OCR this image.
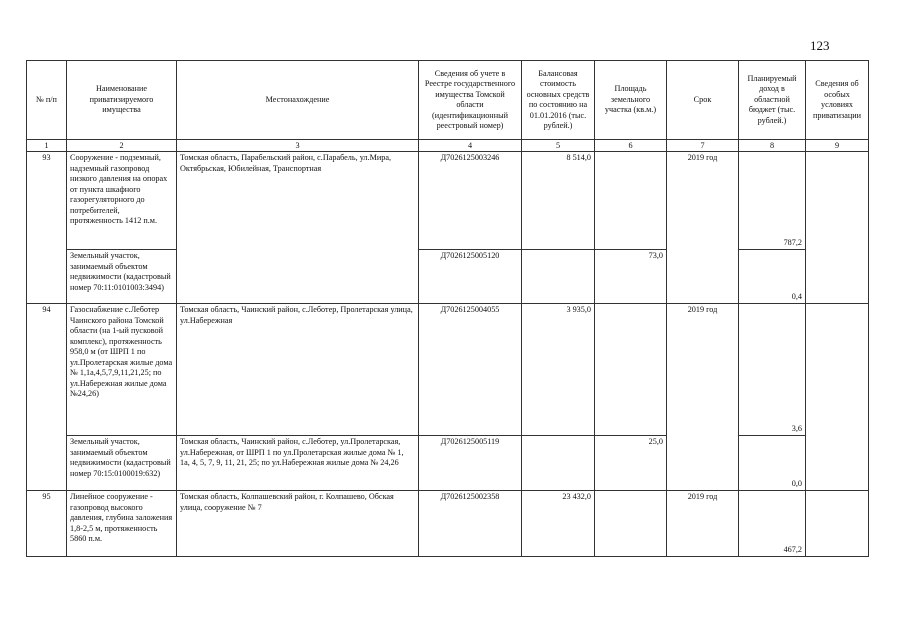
123
№ п/п	Наименование приватизируемого имущества	Местонахождение	Сведения об учете в Реестре государственного имущества Томской области (идентификационный реестровый номер)	Балансовая стоимость основных средств по состоянию на 01.01.2016 (тыс. рублей.)	Площадь земельного участка (кв.м.)	Срок	Планируемый доход в областной бюджет (тыс. рублей.)	Сведения об особых условиях приватизации
1	2	3	4	5	6	7	8	9
93	Сооружение - подземный, надземный газопровод низкого давления на опорах от пункта шкафного газорегуляторного до потребителей, протяженность 1412 п.м.	Томская область, Парабельский район, с.Парабель, ул.Мира, Октябрьская, Юбилейная, Транспортная	Д7026125003246	8 514,0		2019 год	787,2	
	Земельный участок, занимаемый объектом недвижимости (кадастровый номер 70:11:0101003:3494)		Д7026125005120		73,0		0,4	
94	Газоснабжение с.Леботер Чаинского района Томской области (на 1-ый пусковой комплекс), протяженность 958,0 м (от ШРП 1 по ул.Пролетарская жилые дома № 1,1а,4,5,7,9,11,21,25; по ул.Набережная жилые дома №24,26)	Томская область, Чаинский район, с.Леботер, Пролетарская улица, ул.Набережная	Д7026125004055	3 935,0		2019 год	3,6	
	Земельный участок, занимаемый объектом недвижимости (кадастровый номер 70:15:0100019:632)	Томская область, Чаинский район, с.Леботер, ул.Пролетарская, ул.Набережная, от ШРП 1 по ул.Пролетарская жилые дома № 1, 1а, 4, 5, 7, 9, 11, 21, 25; по ул.Набережная жилые дома № 24,26	Д7026125005119		25,0		0,0	
95	Линейное сооружение - газопровод высокого давления, глубина заложения 1,8-2,5 м, протяженность 5860 п.м.	Томская область, Колпашевский район, г. Колпашево, Обская улица, сооружение № 7	Д7026125002358	23 432,0		2019 год	467,2	
